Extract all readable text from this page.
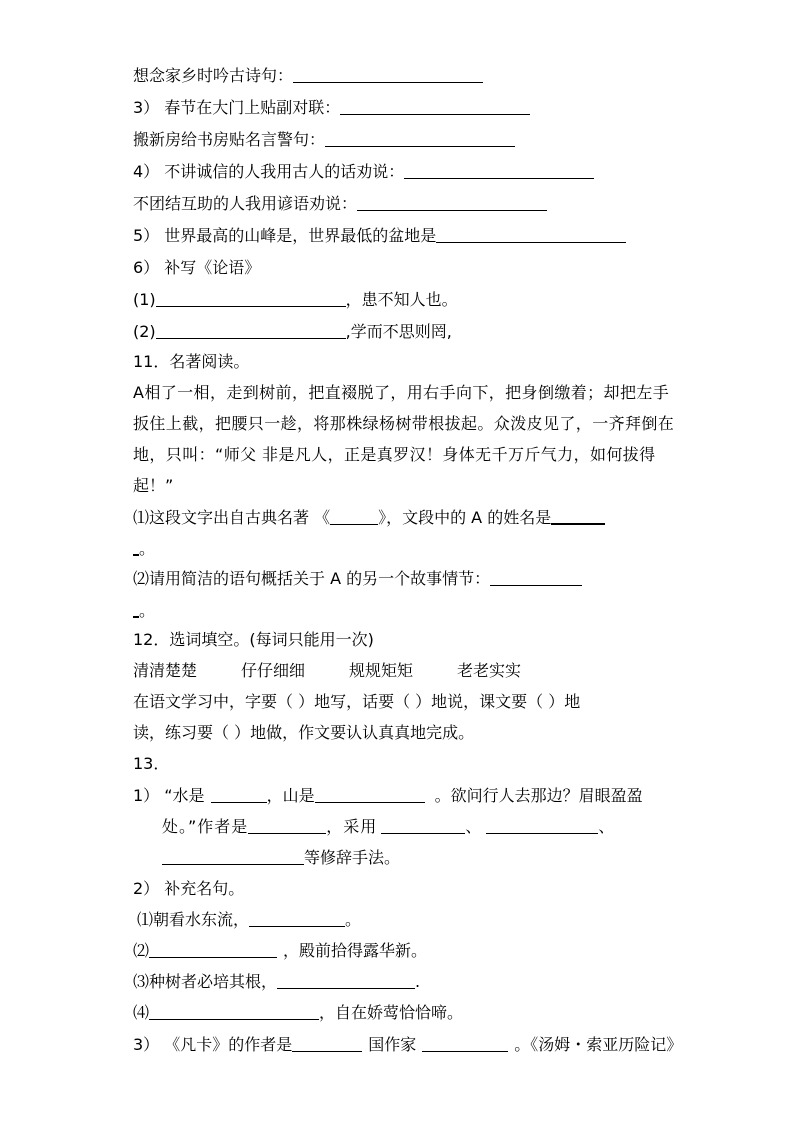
想念家乡时吟古诗句：
3） 春节在大门上贴副对联：
搬新房给书房贴名言警句：
4） 不讲诚信的人我用古人的话劝说：
不团结互助的人我用谚语劝说：
5） 世界最高的山峰是，世界最低的盆地是
6） 补写《论语》
(1)	，患不知人也。
(2)	,学而不思则罔,
11．名著阅读。
A相了一相，走到树前，把直裰脱了，用右手向下，把身倒缴着；却把左手
扳住上截，把腰只一趁，将那株绿杨树带根拔起。众泼皮见了，一齐拜倒在
地，只叫：“师父 非是凡人，正是真罗汉！身体无千万斤气力，如何拔得
起！”
⑴这段文字出自古典名著 《	》，文段中的 A 的姓名是
。
⑵请用简洁的语句概括关于 A 的另一个故事情节：
。
12．选词填空。(每词只能用一次)
清清楚楚	仔仔细细	规规矩矩	老老实实
在语文学习中，字要（ ）地写，话要（ ）地说，课文要（ ）地
读，练习要（ ）地做，作文要认认真真地完成。
13．
1） “水是	，山是	。欲问行人去那边？眉眼盈盈
处。”作者是	，采用	、	、
等修辞手法。
2） 补充名句。
⑴朝看水东流，	。
⑵	，殿前拾得露华新。
⑶种树者必培其根，	.
⑷	，自在娇莺恰恰啼。
3） 《凡卡》的作者是	国作家	。《汤姆・索亚历险记》
